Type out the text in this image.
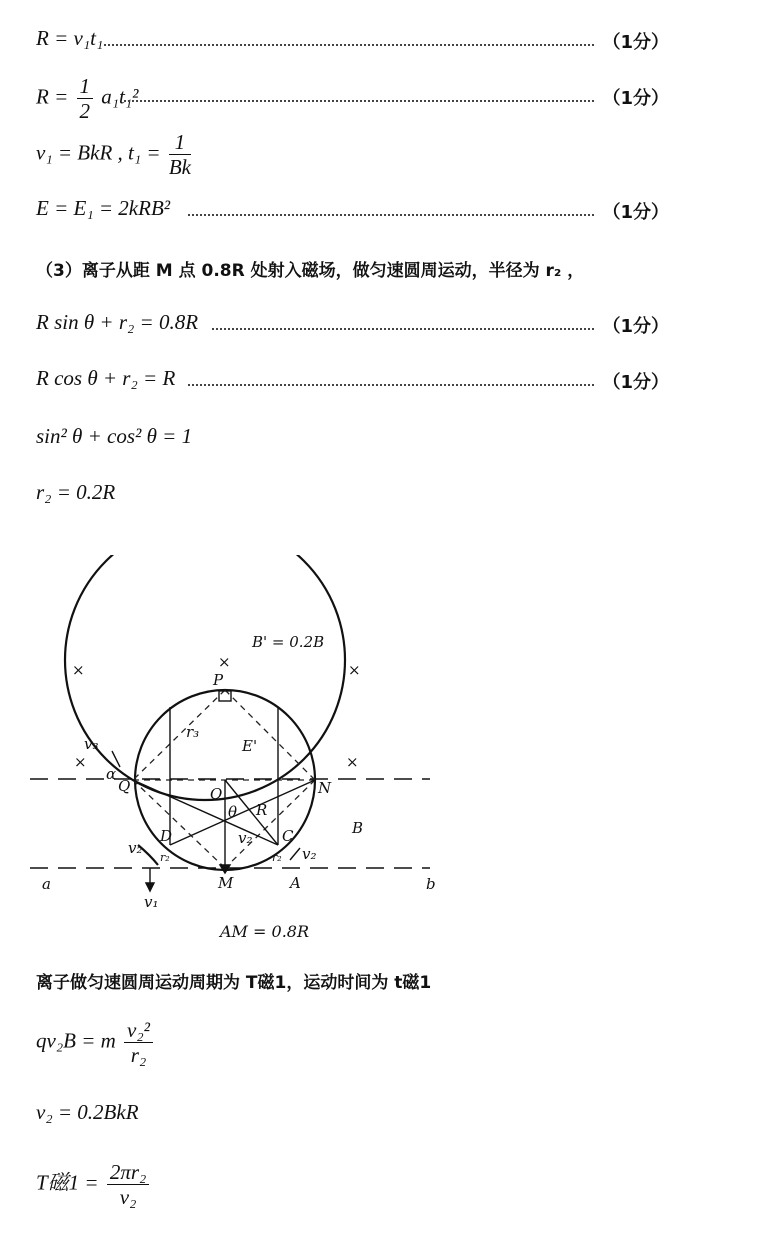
R = v₁t₁	（1分）
$R = \frac{1}{2} a_1t_1^2$	（1分）
v₁ = BkR , $t_1 = \frac{1}{Bk}$
E = E₁ = 2kRB²	（1分）
（3）离子从距 M 点 0.8R 处射入磁场，做匀速圆周运动，半径为 r₂ ，
R sin θ + r₂ = 0.8R	（1分）
R cos θ + r₂ = R	（1分）
sin² θ + cos² θ = 1
r₂ = 0.2R
B' = 0.2B
P
Q	N
O
M	A
D	C	B
a	b
r₃
E'
θ R
α
v₃
v₂	v₂
v₂
v₁
r₂	r₂
×
×	×
×	×
AM = 0.8R
离子做匀速圆周运动周期为 T磁1，运动时间为 t磁1
qv₂B = m $\frac{\text{v₂²}}{\text{r₂}}$
v₂ = 0.2BkR
T磁$1 = \frac{\text{2πr₂}}{\text{v₂}}$
